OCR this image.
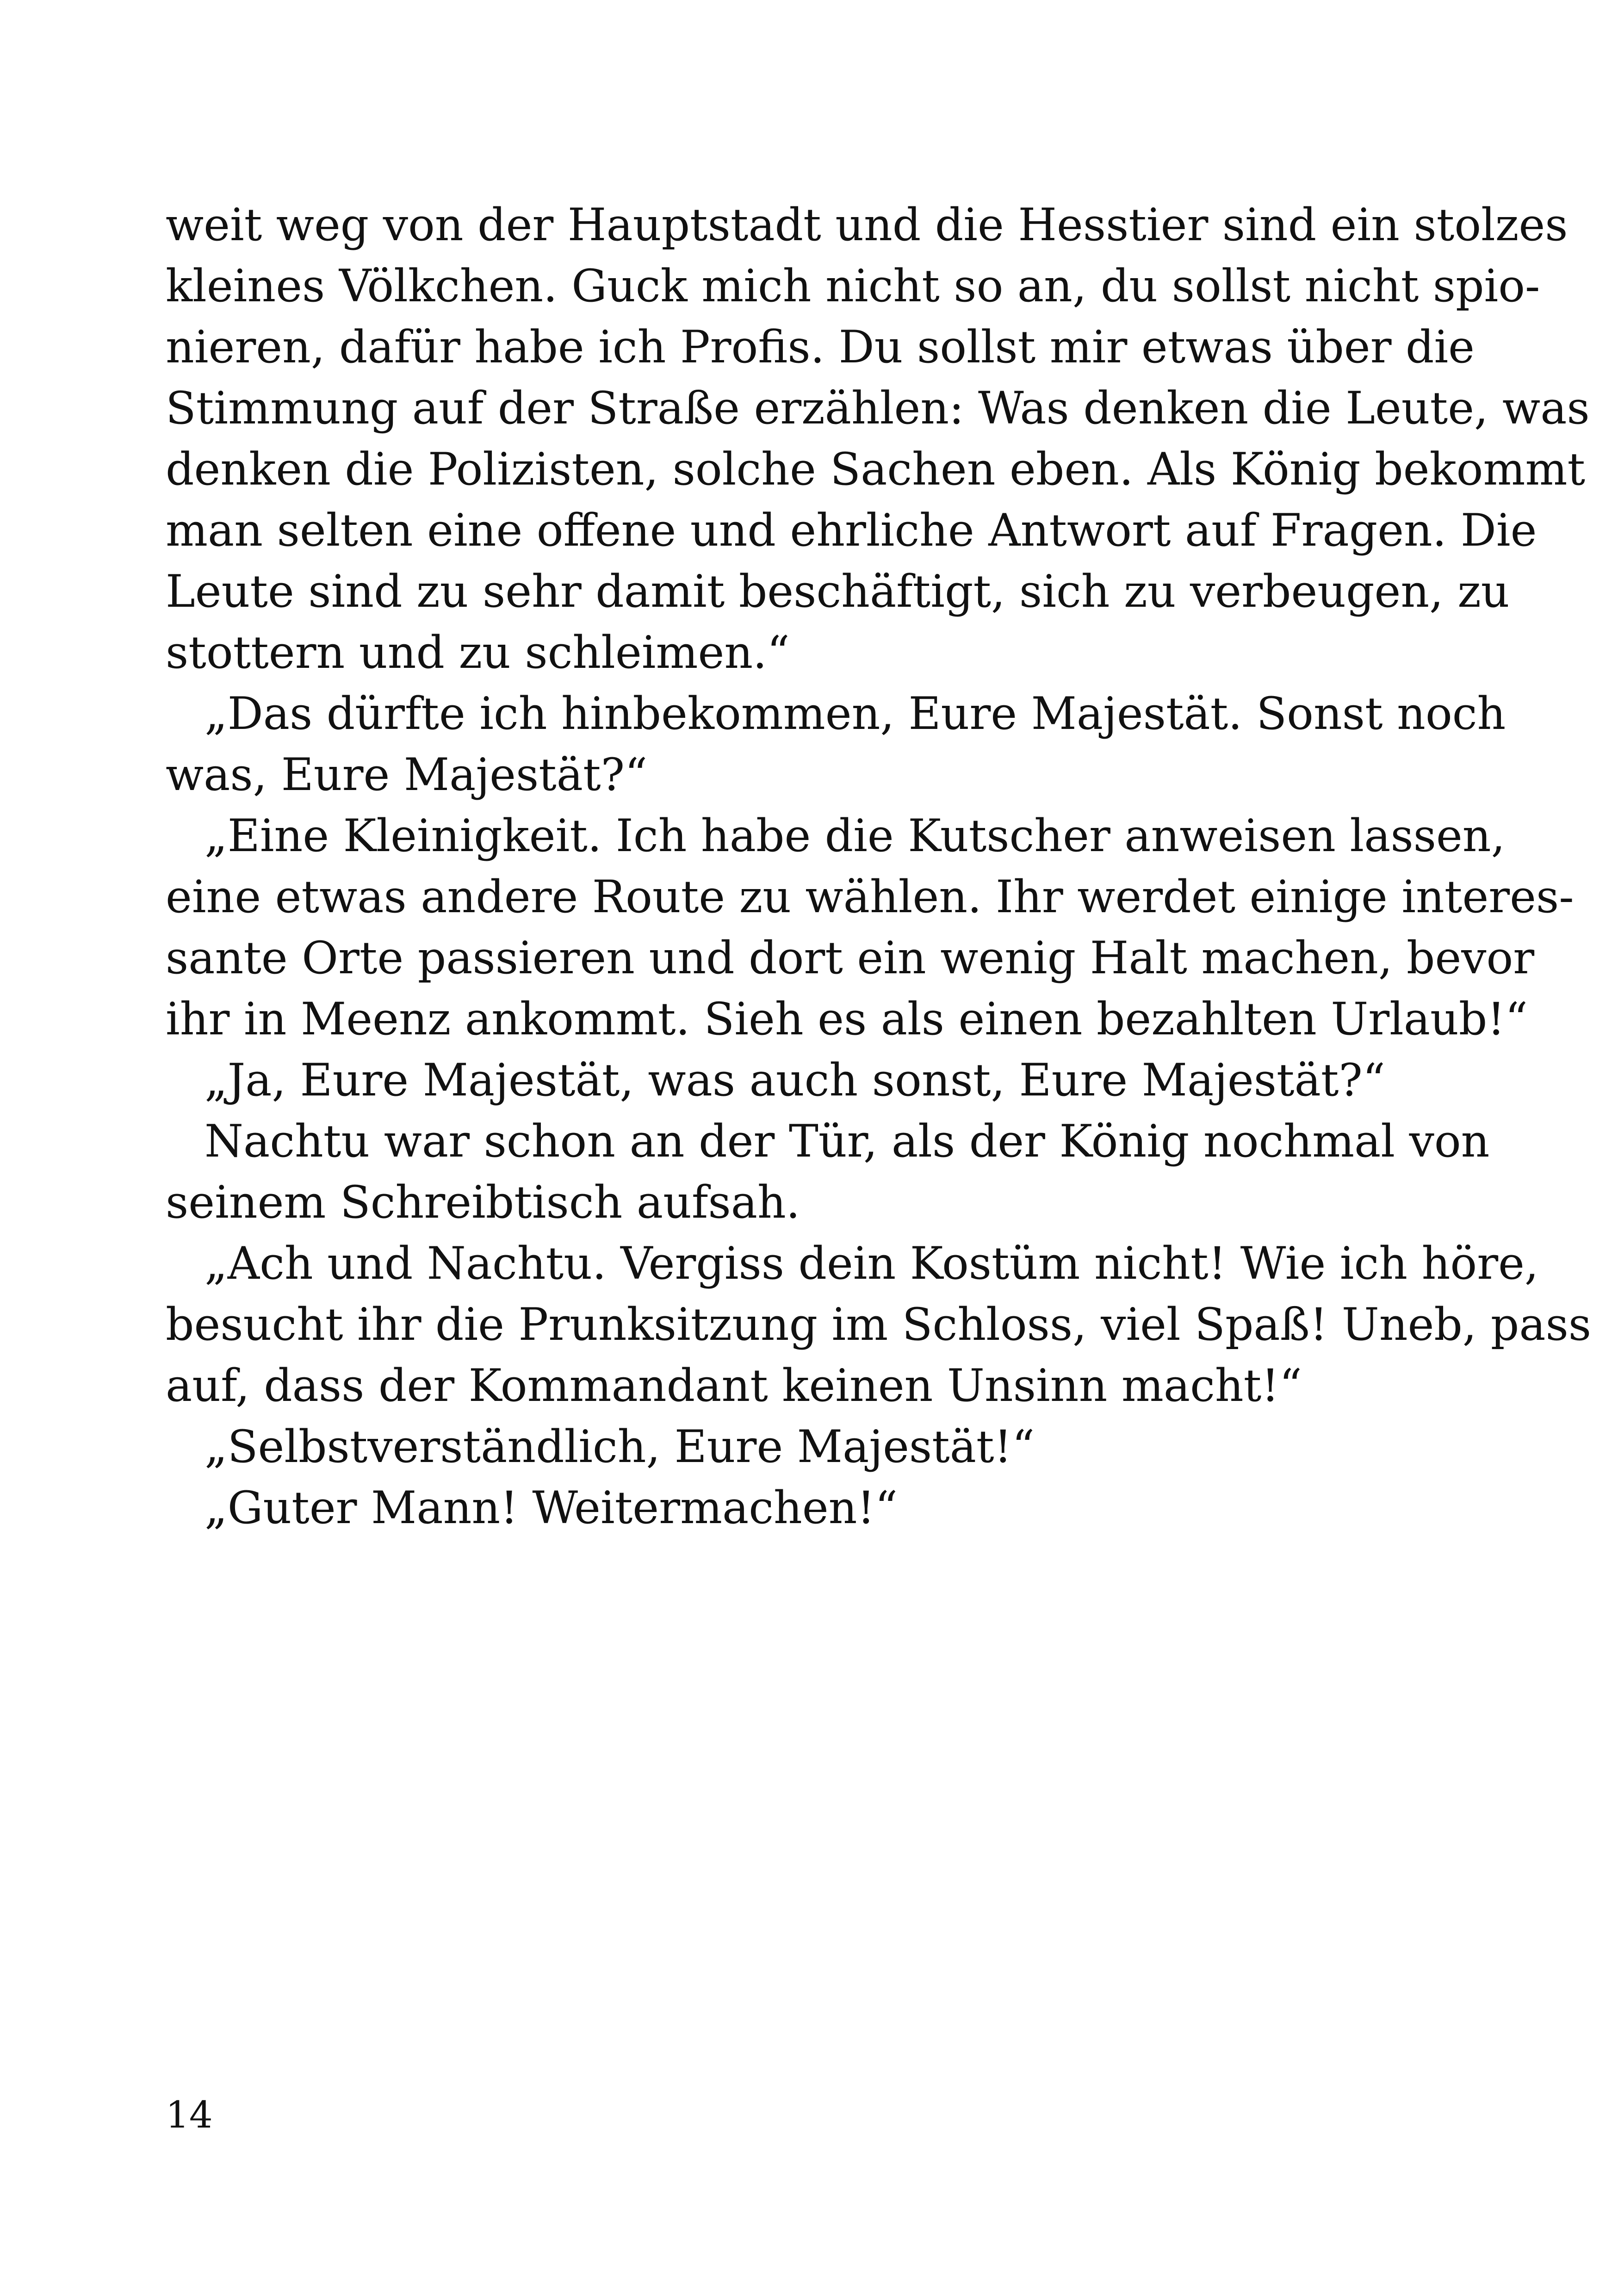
weit weg von der Hauptstadt und die Hesstier sind ein stolzes
kleines Völkchen. Guck mich nicht so an, du sollst nicht spio-
nieren, dafür habe ich Profis. Du sollst mir etwas über die
Stimmung auf der Straße erzählen: Was denken die Leute, was
denken die Polizisten, solche Sachen eben. Als König bekommt
man selten eine offene und ehrliche Antwort auf Fragen. Die
Leute sind zu sehr damit beschäftigt, sich zu verbeugen, zu
stottern und zu schleimen.“
„Das dürfte ich hinbekommen, Eure Majestät. Sonst noch
was, Eure Majestät?“
„Eine Kleinigkeit. Ich habe die Kutscher anweisen lassen,
eine etwas andere Route zu wählen. Ihr werdet einige interes-
sante Orte passieren und dort ein wenig Halt machen, bevor
ihr in Meenz ankommt. Sieh es als einen bezahlten Urlaub!“
„Ja, Eure Majestät, was auch sonst, Eure Majestät?“
Nachtu war schon an der Tür, als der König nochmal von
seinem Schreibtisch aufsah.
„Ach und Nachtu. Vergiss dein Kostüm nicht! Wie ich höre,
besucht ihr die Prunksitzung im Schloss, viel Spaß! Uneb, pass
auf, dass der Kommandant keinen Unsinn macht!“
„Selbstverständlich, Eure Majestät!“
„Guter Mann! Weitermachen!“
14
